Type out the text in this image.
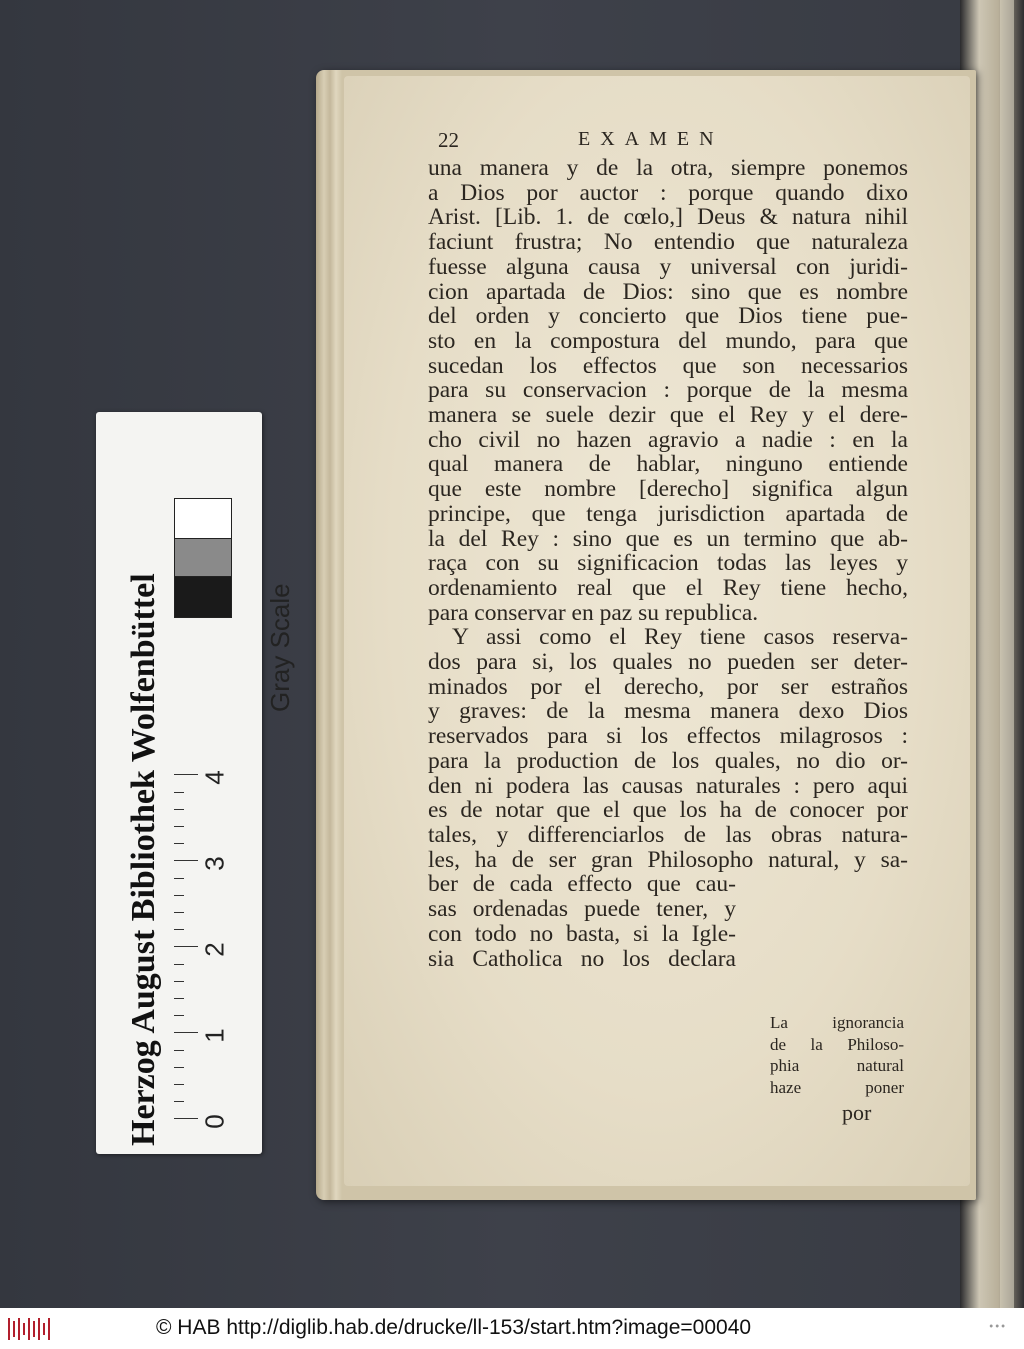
22	EXAMEN
una manera y de la otra, siempre ponemos
a Dios por auctor : porque quando dixo
Arist. [Lib. 1. de cœlo,] Deus & natura nihil
faciunt frustra; No entendio que naturaleza
fuesse alguna causa y universal con juridi-
cion apartada de Dios: sino que es nombre
del orden y concierto que Dios tiene pue-
sto en la compostura del mundo, para que
sucedan los effectos que son necessarios
para su conservacion : porque de la mesma
manera se suele dezir que el Rey y el dere-
cho civil no hazen agravio a nadie : en la
qual manera de hablar, ninguno entiende
que este nombre [derecho] significa algun
principe, que tenga jurisdiction apartada de
la del Rey : sino que es un termino que ab-
raça con su significacion todas las leyes y
ordenamiento real que el Rey tiene hecho,
para conservar en paz su republica.
Y assi como el Rey tiene casos reserva-
dos para si, los quales no pueden ser deter-
minados por el derecho, por ser estraños
y graves: de la mesma manera dexo Dios
reservados para si los effectos milagrosos :
para la production de los quales, no dio or-
den ni podera las causas naturales : pero aqui
es de notar que el que los ha de conocer por
tales, y differenciarlos de las obras natura-
les, ha de ser gran Philosopho natural, y sa-
ber de cada effecto que cau-
sas ordenadas puede tener, y
con todo no basta, si la Igle-
sia Catholica no los declara
La ignorancia
de la Philoso-
phia natural
haze poner
por
Herzog August Bibliothek Wolfenbüttel	Gray Scale
4
3
2
1
0
© HAB http://diglib.hab.de/drucke/ll-153/start.htm?image=00040	•••
